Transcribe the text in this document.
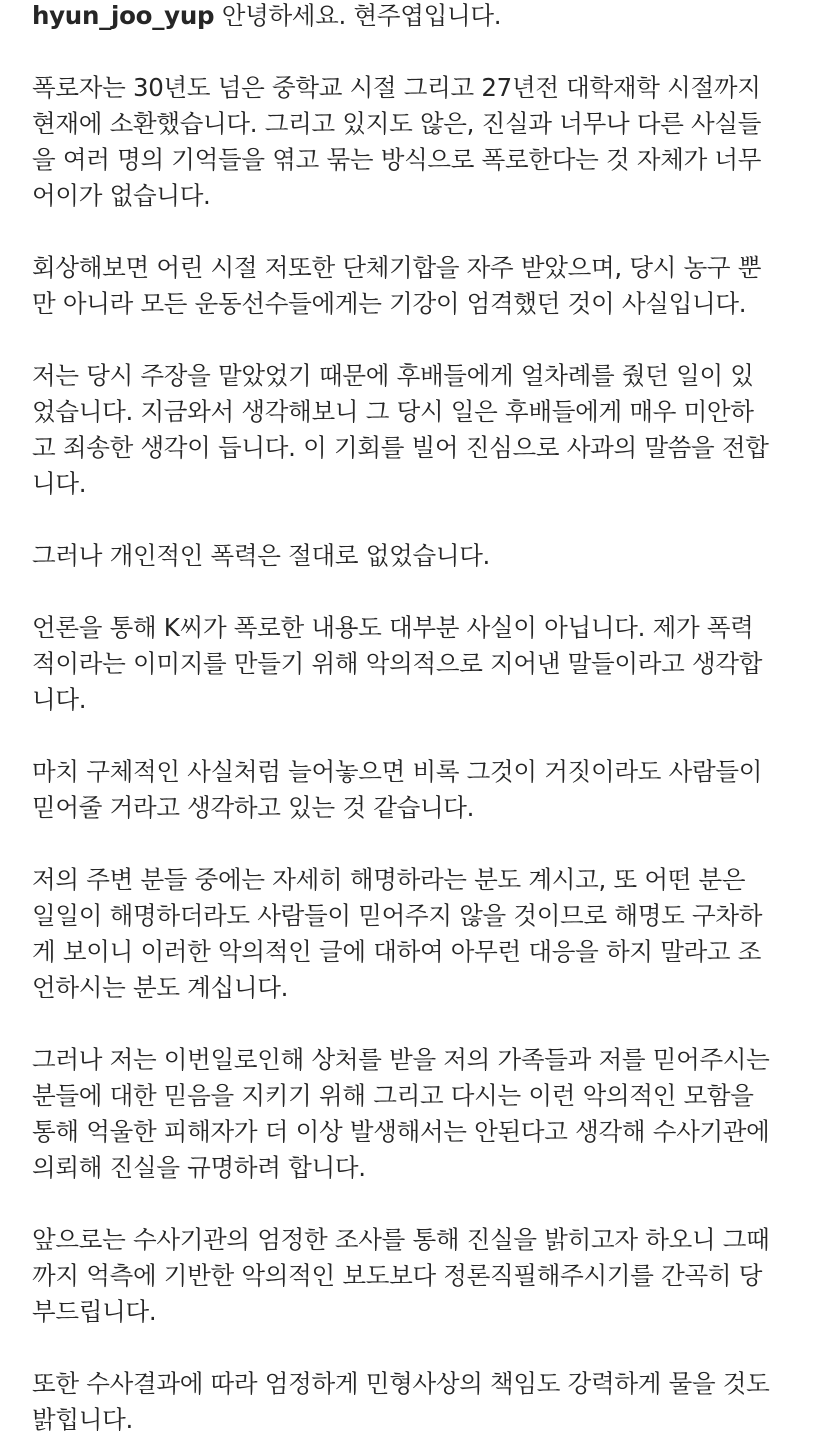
hyun_joo_yup 안녕하세요. 현주엽입니다.
폭로자는 30년도 넘은 중학교 시절 그리고 27년전 대학재학 시절까지
현재에 소환했습니다. 그리고 있지도 않은, 진실과 너무나 다른 사실들
을 여러 명의 기억들을 엮고 묶는 방식으로 폭로한다는 것 자체가 너무
어이가 없습니다.
회상해보면 어린 시절 저또한 단체기합을 자주 받았으며, 당시 농구 뿐
만 아니라 모든 운동선수들에게는 기강이 엄격했던 것이 사실입니다.
저는 당시 주장을 맡았었기 때문에 후배들에게 얼차례를 줬던 일이 있
었습니다. 지금와서 생각해보니 그 당시 일은 후배들에게 매우 미안하
고 죄송한 생각이 듭니다. 이 기회를 빌어 진심으로 사과의 말씀을 전합
니다.
그러나 개인적인 폭력은 절대로 없었습니다.
언론을 통해 K씨가 폭로한 내용도 대부분 사실이 아닙니다. 제가 폭력
적이라는 이미지를 만들기 위해 악의적으로 지어낸 말들이라고 생각합
니다.
마치 구체적인 사실처럼 늘어놓으면 비록 그것이 거짓이라도 사람들이
믿어줄 거라고 생각하고 있는 것 같습니다.
저의 주변 분들 중에는 자세히 해명하라는 분도 계시고, 또 어떤 분은
일일이 해명하더라도 사람들이 믿어주지 않을 것이므로 해명도 구차하
게 보이니 이러한 악의적인 글에 대하여 아무런 대응을 하지 말라고 조
언하시는 분도 계십니다.
그러나 저는 이번일로인해 상처를 받을 저의 가족들과 저를 믿어주시는
분들에 대한 믿음을 지키기 위해 그리고 다시는 이런 악의적인 모함을
통해 억울한 피해자가 더 이상 발생해서는 안된다고 생각해 수사기관에
의뢰해 진실을 규명하려 합니다.
앞으로는 수사기관의 엄정한 조사를 통해 진실을 밝히고자 하오니 그때
까지 억측에 기반한 악의적인 보도보다 정론직필해주시기를 간곡히 당
부드립니다.
또한 수사결과에 따라 엄정하게 민형사상의 책임도 강력하게 물을 것도
밝힙니다.
